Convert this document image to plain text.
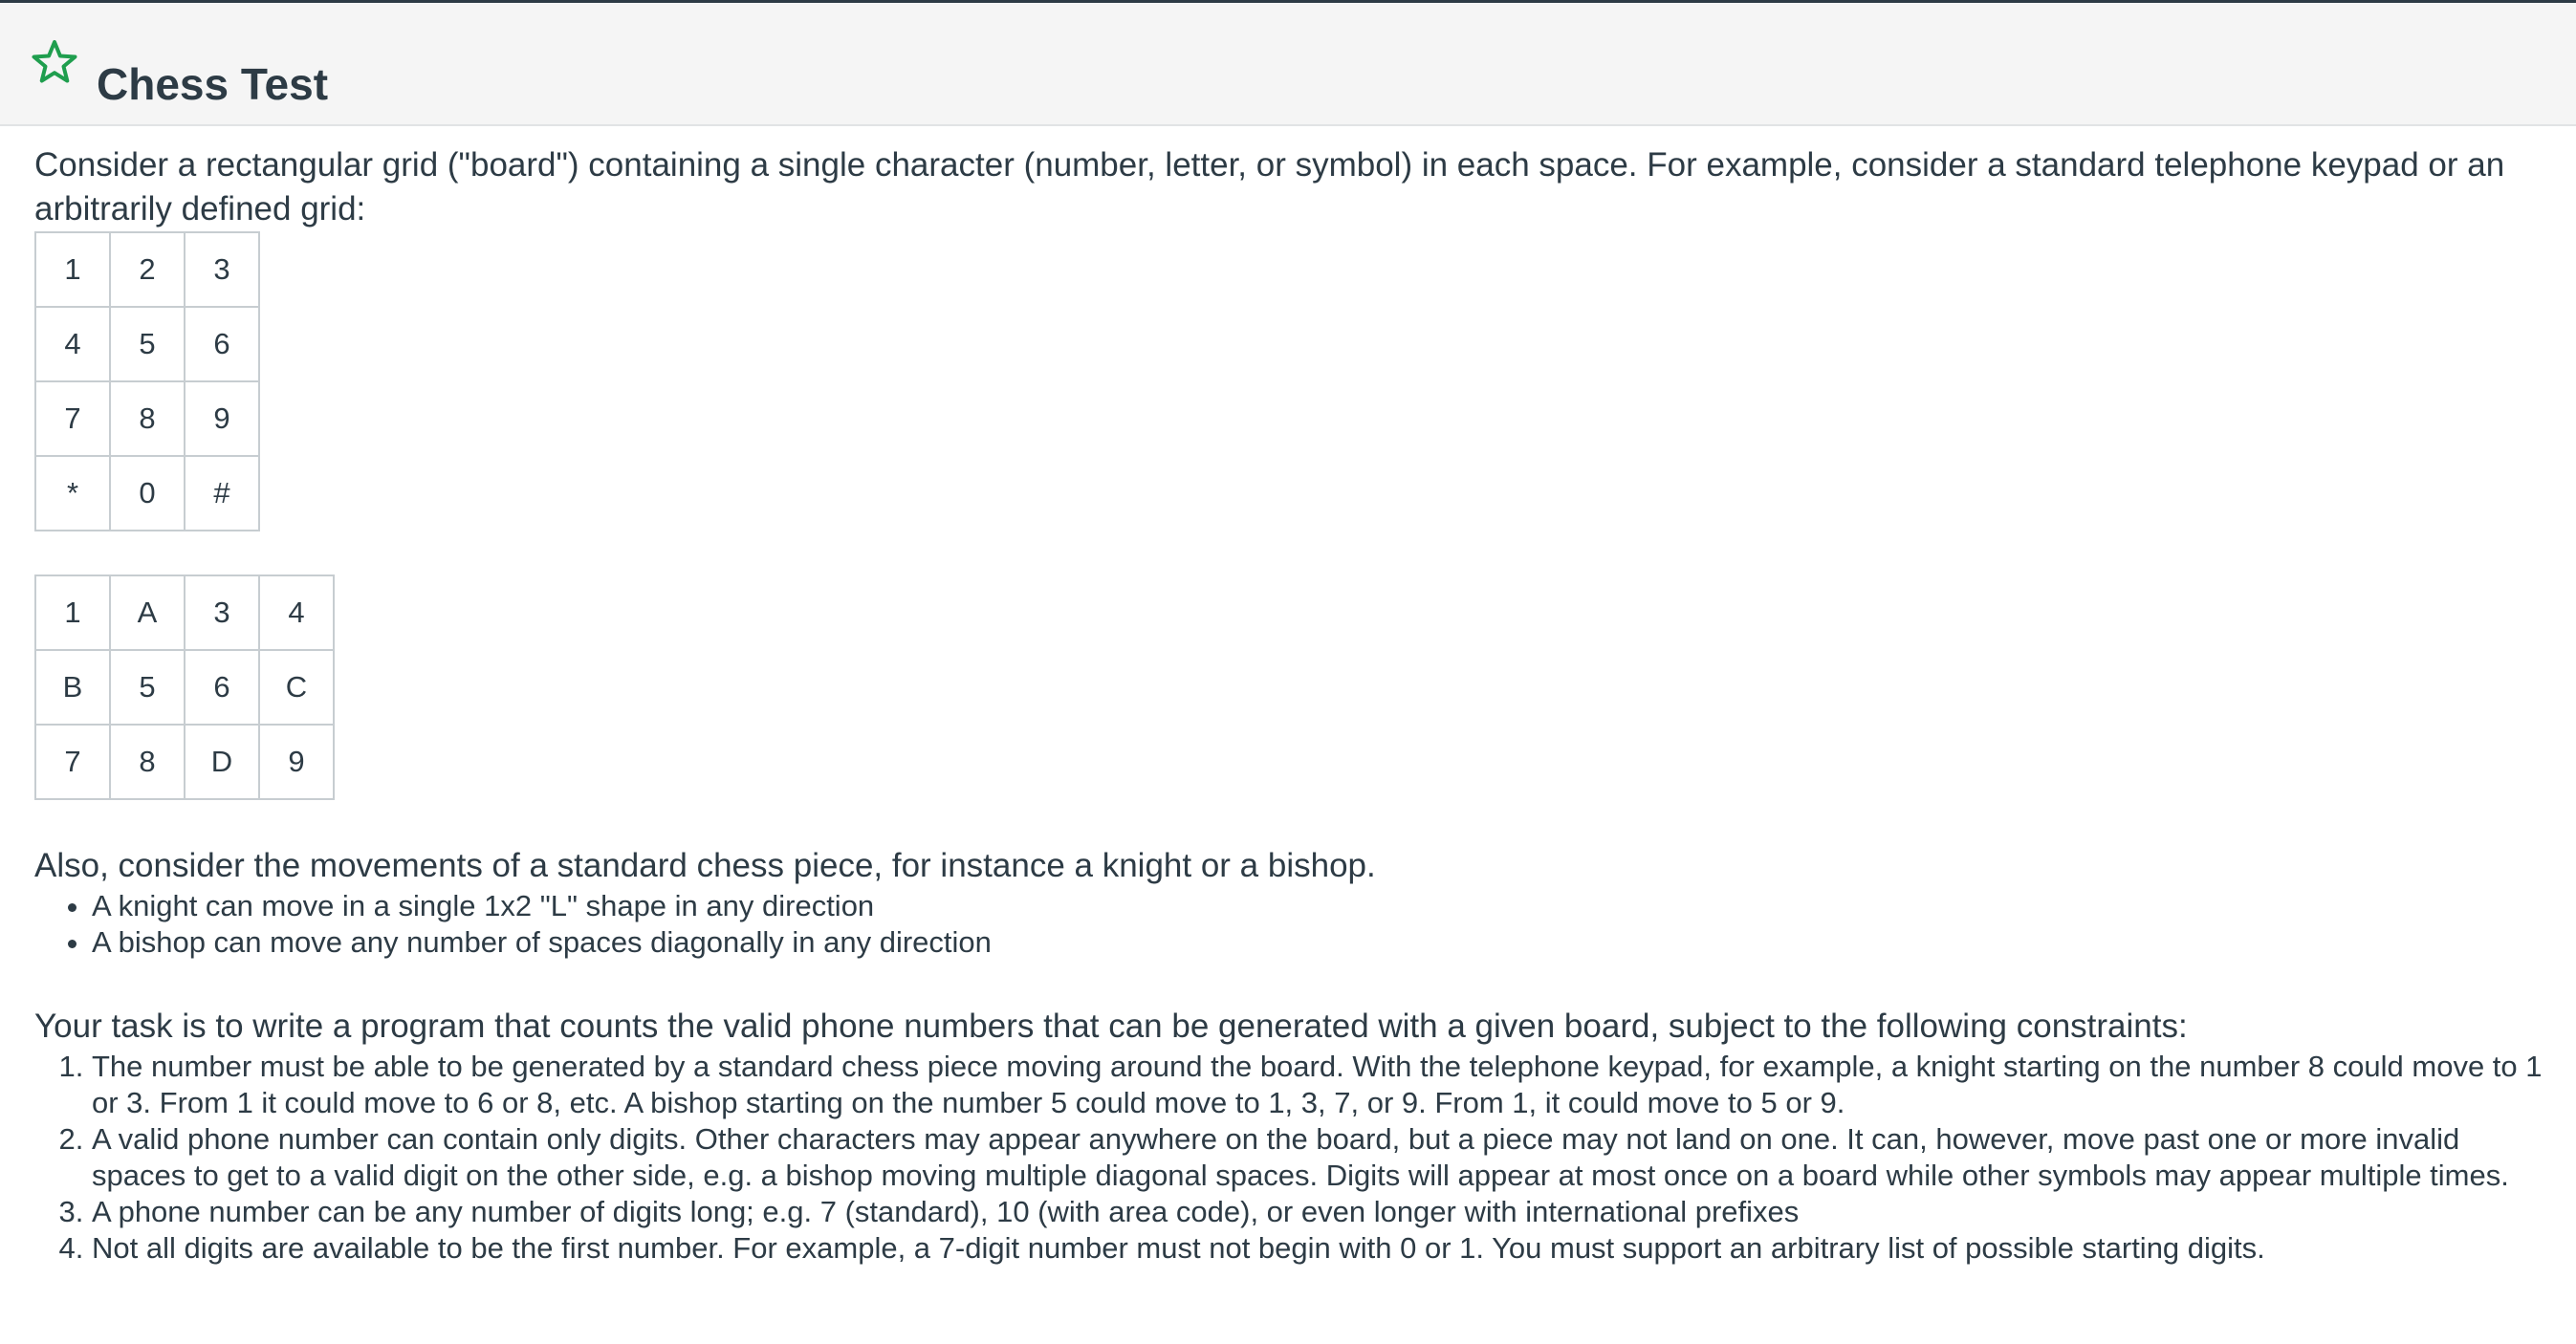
Chess Test

Consider a rectangular grid ("board") containing a single character (number, letter, or symbol) in each space. For example, consider a standard telephone keypad or an arbitrarily defined grid:

1	2	3
4	5	6
7	8	9
*	0	#
1	A	3	4
B	5	6	C
7	8	D	9

Also, consider the movements of a standard chess piece, for instance a knight or a bishop.

• A knight can move in a single 1x2 "L" shape in any direction
• A bishop can move any number of spaces diagonally in any direction

Your task is to write a program that counts the valid phone numbers that can be generated with a given board, subject to the following constraints:

1. The number must be able to be generated by a standard chess piece moving around the board. With the telephone keypad, for example, a knight starting on the number 8 could move to 1 or 3. From 1 it could move to 6 or 8, etc. A bishop starting on the number 5 could move to 1, 3, 7, or 9. From 1, it could move to 5 or 9.
2. A valid phone number can contain only digits. Other characters may appear anywhere on the board, but a piece may not land on one. It can, however, move past one or more invalid spaces to get to a valid digit on the other side, e.g. a bishop moving multiple diagonal spaces. Digits will appear at most once on a board while other symbols may appear multiple times.
3. A phone number can be any number of digits long; e.g. 7 (standard), 10 (with area code), or even longer with international prefixes
4. Not all digits are available to be the first number. For example, a 7-digit number must not begin with 0 or 1. You must support an arbitrary list of possible starting digits.
